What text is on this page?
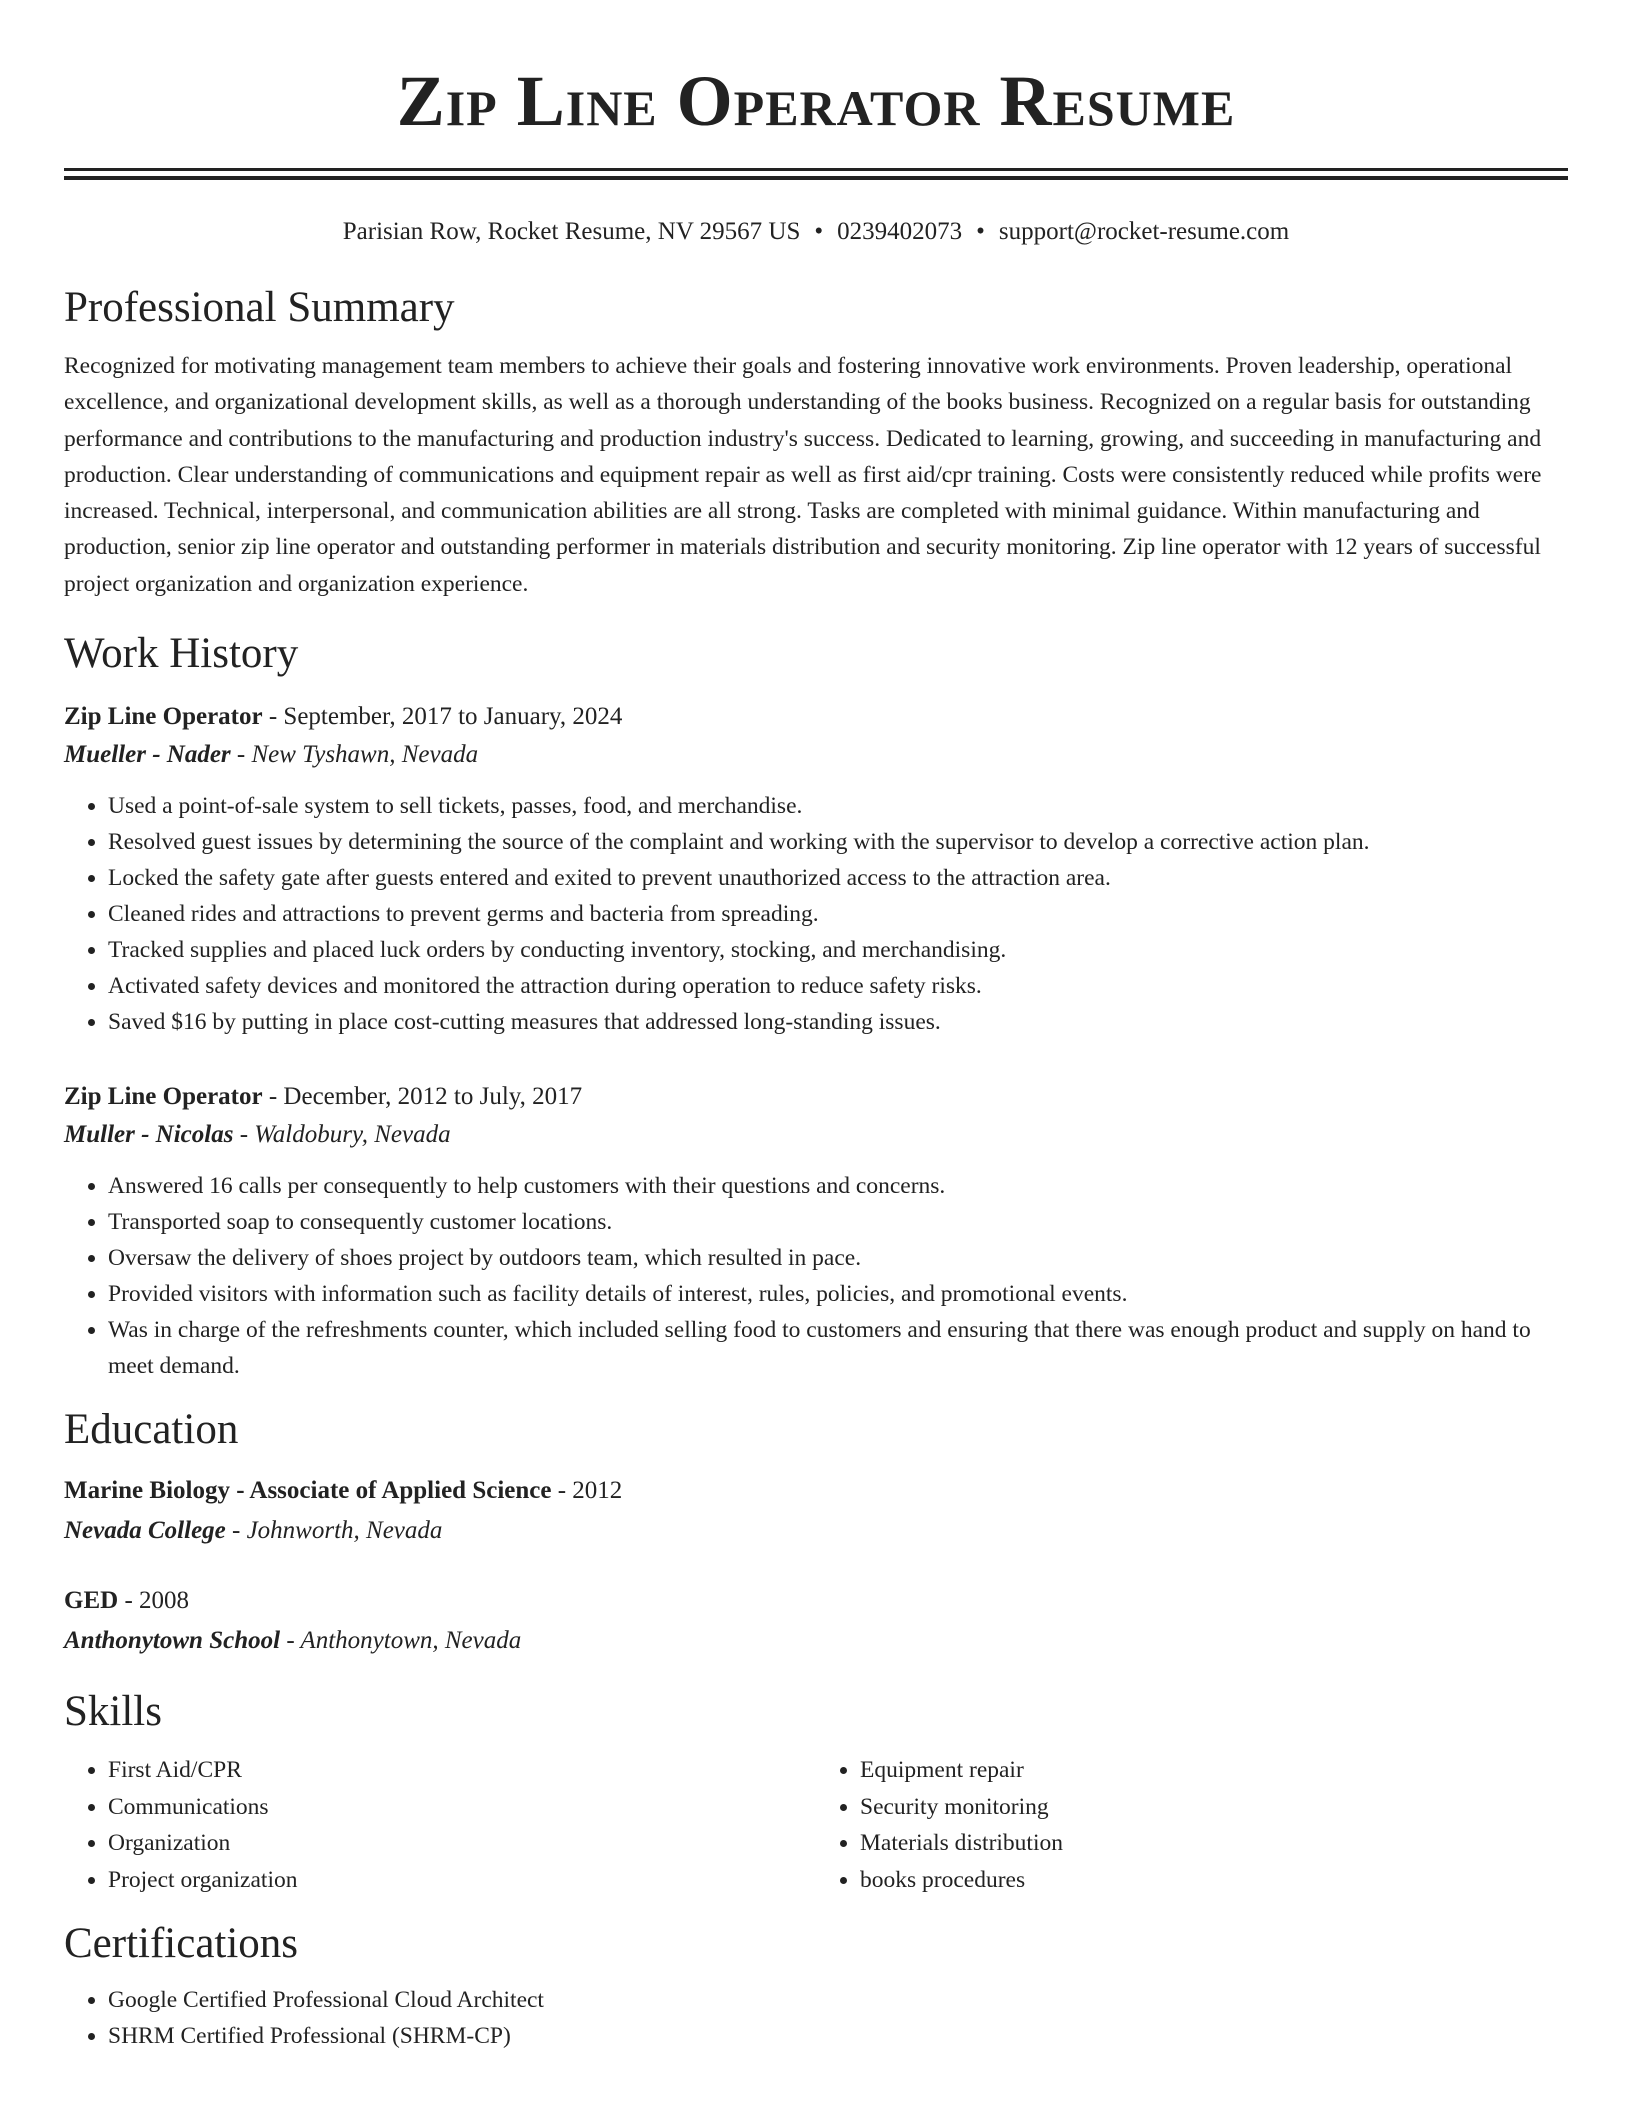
Zip Line Operator Resume
Parisian Row, Rocket Resume, NV 29567 US • 0239402073 • support@rocket-resume.com
Professional Summary

Recognized for motivating management team members to achieve their goals and fostering innovative work environments. Proven leadership, operational excellence, and organizational development skills, as well as a thorough understanding of the books business. Recognized on a regular basis for outstanding performance and contributions to the manufacturing and production industry's success. Dedicated to learning, growing, and succeeding in manufacturing and production. Clear understanding of communications and equipment repair as well as first aid/cpr training. Costs were consistently reduced while profits were increased. Technical, interpersonal, and communication abilities are all strong. Tasks are completed with minimal guidance. Within manufacturing and production, senior zip line operator and outstanding performer in materials distribution and security monitoring. Zip line operator with 12 years of successful project organization and organization experience.

Work History
Zip Line Operator - September, 2017 to January, 2024
Mueller - Nader - New Tyshawn, Nevada
• Used a point-of-sale system to sell tickets, passes, food, and merchandise.
• Resolved guest issues by determining the source of the complaint and working with the supervisor to develop a corrective action plan.
• Locked the safety gate after guests entered and exited to prevent unauthorized access to the attraction area.
• Cleaned rides and attractions to prevent germs and bacteria from spreading.
• Tracked supplies and placed luck orders by conducting inventory, stocking, and merchandising.
• Activated safety devices and monitored the attraction during operation to reduce safety risks.
• Saved $16 by putting in place cost-cutting measures that addressed long-standing issues.
Zip Line Operator - December, 2012 to July, 2017
Muller - Nicolas - Waldobury, Nevada
• Answered 16 calls per consequently to help customers with their questions and concerns.
• Transported soap to consequently customer locations.
• Oversaw the delivery of shoes project by outdoors team, which resulted in pace.
• Provided visitors with information such as facility details of interest, rules, policies, and promotional events.
• Was in charge of the refreshments counter, which included selling food to customers and ensuring that there was enough product and supply on hand to meet demand.
Education
Marine Biology - Associate of Applied Science - 2012
Nevada College - Johnworth, Nevada
GED - 2008
Anthonytown School - Anthonytown, Nevada
Skills
• First Aid/CPR
• Communications
• Organization
• Project organization
• Equipment repair
• Security monitoring
• Materials distribution
• books procedures
Certifications
• Google Certified Professional Cloud Architect
• SHRM Certified Professional (SHRM-CP)
